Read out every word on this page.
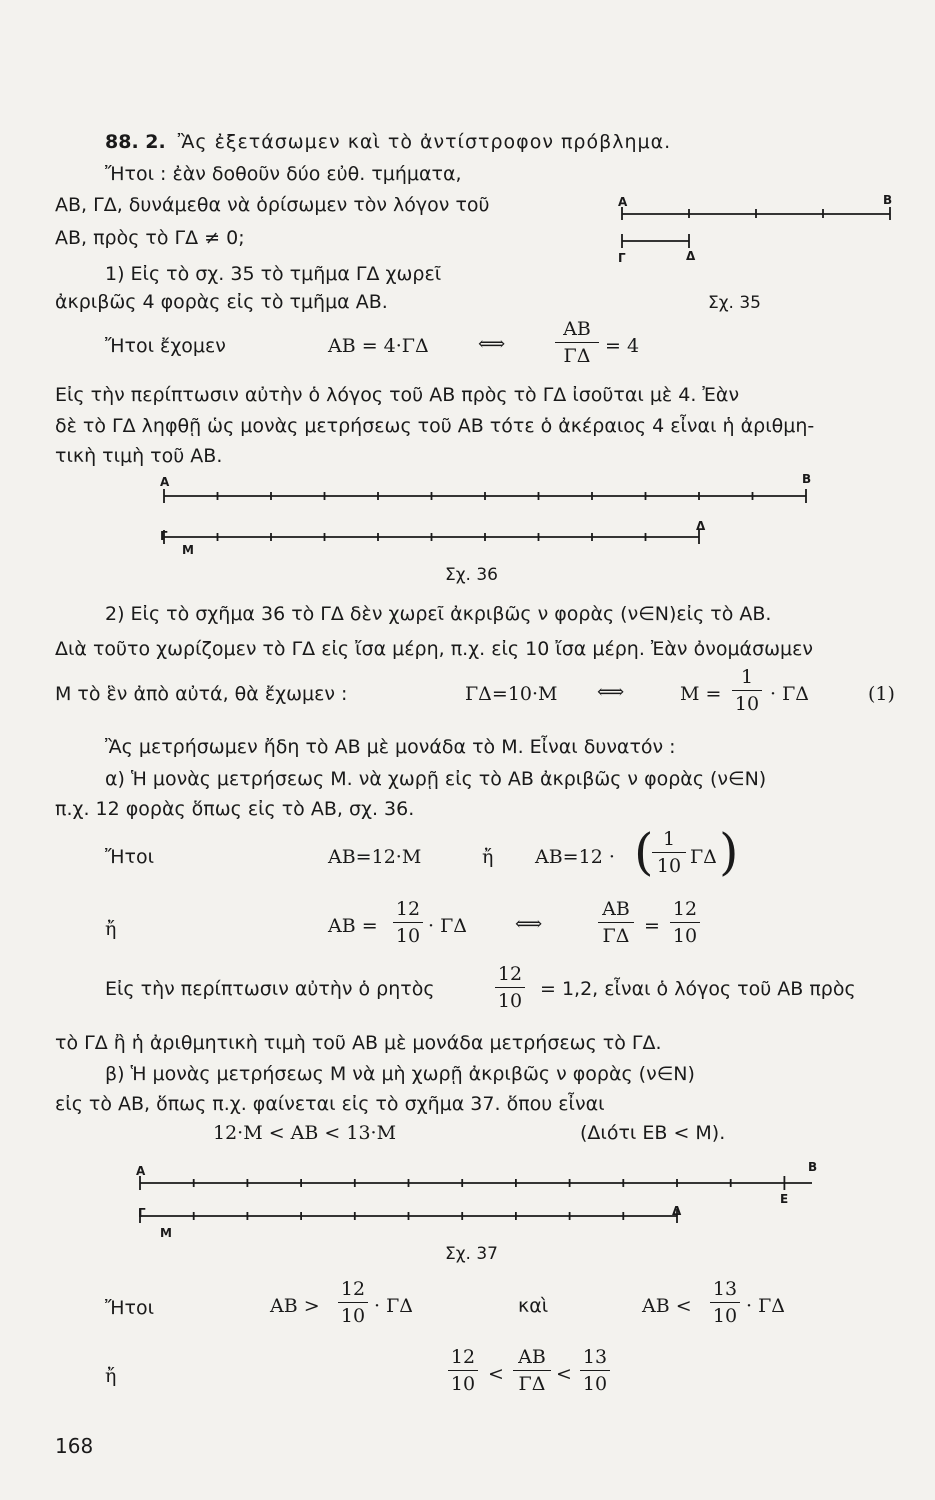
88. 2. Ἂς ἐξετάσωμεν καὶ τὸ ἀντίστροφον πρόβλημα.
Ἤτοι : ἐὰν δοθοῦν δύο εὐθ. τμήματα,
ΑΒ, ΓΔ, δυνάμεθα νὰ ὁρίσωμεν τὸν λόγον τοῦ
ΑΒ, πρὸς τὸ ΓΔ ≠ 0;
1) Εἰς τὸ σχ. 35 τὸ τμῆμα ΓΔ χωρεῖ
ἀκριβῶς 4 φορὰς εἰς τὸ τμῆμα ΑΒ.
Α	Β
Γ	Δ
Σχ. 35
Ἤτοι ἔχομεν	ΑΒ = 4·ΓΔ	⟺	$\frac{AB}{\Gamma\Delta} = 4$
Εἰς τὴν περίπτωσιν αὐτὴν ὁ λόγος τοῦ ΑΒ πρὸς τὸ ΓΔ ἰσοῦται μὲ 4. Ἐὰν
δὲ τὸ ΓΔ ληφθῇ ὡς μονὰς μετρήσεως τοῦ ΑΒ τότε ὁ ἀκέραιος 4 εἶναι ἡ ἀριθμη-
τικὴ τιμὴ τοῦ ΑΒ.
Α	Β
Γ
Δ
Μ
Σχ. 36
2) Εἰς τὸ σχῆμα 36 τὸ ΓΔ δὲν χωρεῖ ἀκριβῶς ν φορὰς (ν∈Ν)εἰς τὸ ΑΒ.
Διὰ τοῦτο χωρίζομεν τὸ ΓΔ εἰς ἴσα μέρη, π.χ. εἰς 10 ἴσα μέρη. Ἐὰν ὀνομάσωμεν
Μ τὸ ἓν ἀπὸ αὐτά, θὰ ἔχωμεν :	ΓΔ=10·Μ ⟺	$M = \frac{1}{10} \cdot \Gamma\Delta$	(1)
Ἂς μετρήσωμεν ἤδη τὸ ΑΒ μὲ μονάδα τὸ Μ. Εἶναι δυνατόν :
α) Ἡ μονὰς μετρήσεως Μ. νὰ χωρῇ εἰς τὸ ΑΒ ἀκριβῶς ν φορὰς (ν∈Ν)
π.χ. 12 φορὰς ὅπως εἰς τὸ ΑΒ, σχ. 36.
Ἤτοι	ΑΒ=12·Μ	ἤ ΑΒ=12 · (
$\frac{1}{10}$ ΓΔ )
ἤ	$AB = \frac{12}{10} \cdot \Gamma\Delta$	⟺	$\frac{AB}{\Gamma\Delta} = \frac{12}{10}$
Εἰς τὴν περίπτωσιν αὐτὴν ὁ ρητὸς	$\frac{12}{10} = 1,2$, εἶναι ὁ λόγος τοῦ ΑΒ πρὸς
τὸ ΓΔ ἢ ἡ ἀριθμητικὴ τιμὴ τοῦ ΑΒ μὲ μονάδα μετρήσεως τὸ ΓΔ.
β) Ἡ μονὰς μετρήσεως Μ νὰ μὴ χωρῇ ἀκριβῶς ν φορὰς (ν∈Ν)
εἰς τὸ ΑΒ, ὅπως π.χ. φαίνεται εἰς τὸ σχῆμα 37. ὅπου εἶναι
12·Μ < ΑΒ < 13·Μ	(Διότι ΕΒ < Μ).
Α	Β
Γ	Δ
Μ
Ε
Σχ. 37
Ἤτοι	$AB > \frac{12}{10} \cdot \Gamma\Delta$	καὶ	$AB < \frac{13}{10} \cdot \Gamma\Delta$
ἤ	$\frac{12}{10} < \frac{AB}{\Gamma\Delta} < \frac{13}{10}$
168
